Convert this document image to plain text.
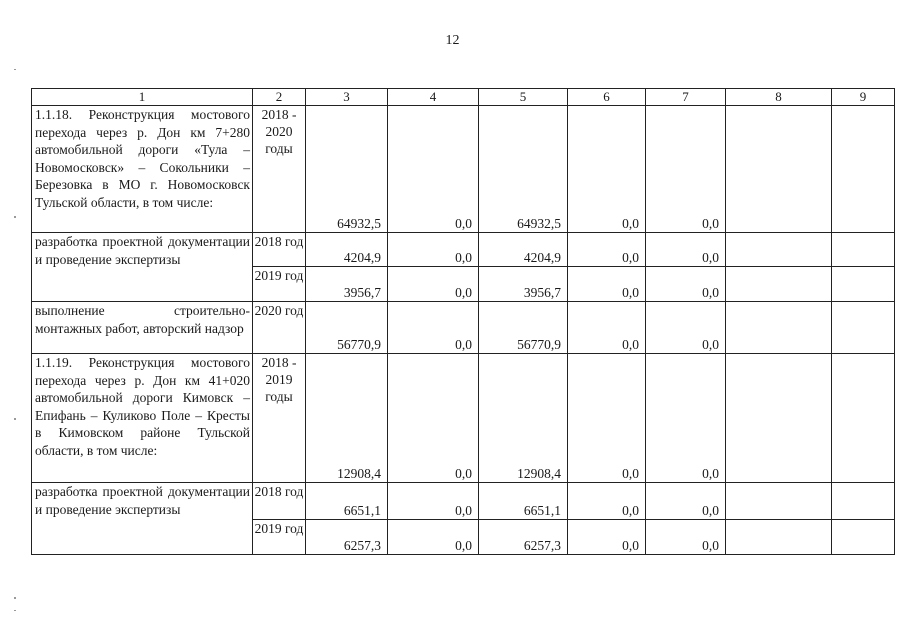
12
1	2	3	4	5	6	7	8	9
1.1.18. Реконструкция мостового перехода через р. Дон км 7+280 автомобильной дороги «Тула – Новомосковск» – Сокольники – Березовка в МО г. Новомосковск Тульской области, в том числе:	2018 - 2020 годы	64932,5	0,0	64932,5	0,0	0,0		
разработка проектной документации и проведение экспертизы	2018 год	4204,9	0,0	4204,9	0,0	0,0		
	2019 год	3956,7	0,0	3956,7	0,0	0,0		
выполнение строительно-монтажных работ, авторский надзор	2020 год	56770,9	0,0	56770,9	0,0	0,0		
1.1.19. Реконструкция мостового перехода через р. Дон км 41+020 автомобильной дороги Кимовск – Епифань – Куликово Поле – Кресты в Кимовском районе Тульской области, в том числе:	2018 - 2019 годы	12908,4	0,0	12908,4	0,0	0,0		
разработка проектной документации и проведение экспертизы	2018 год	6651,1	0,0	6651,1	0,0	0,0		
	2019 год	6257,3	0,0	6257,3	0,0	0,0		
